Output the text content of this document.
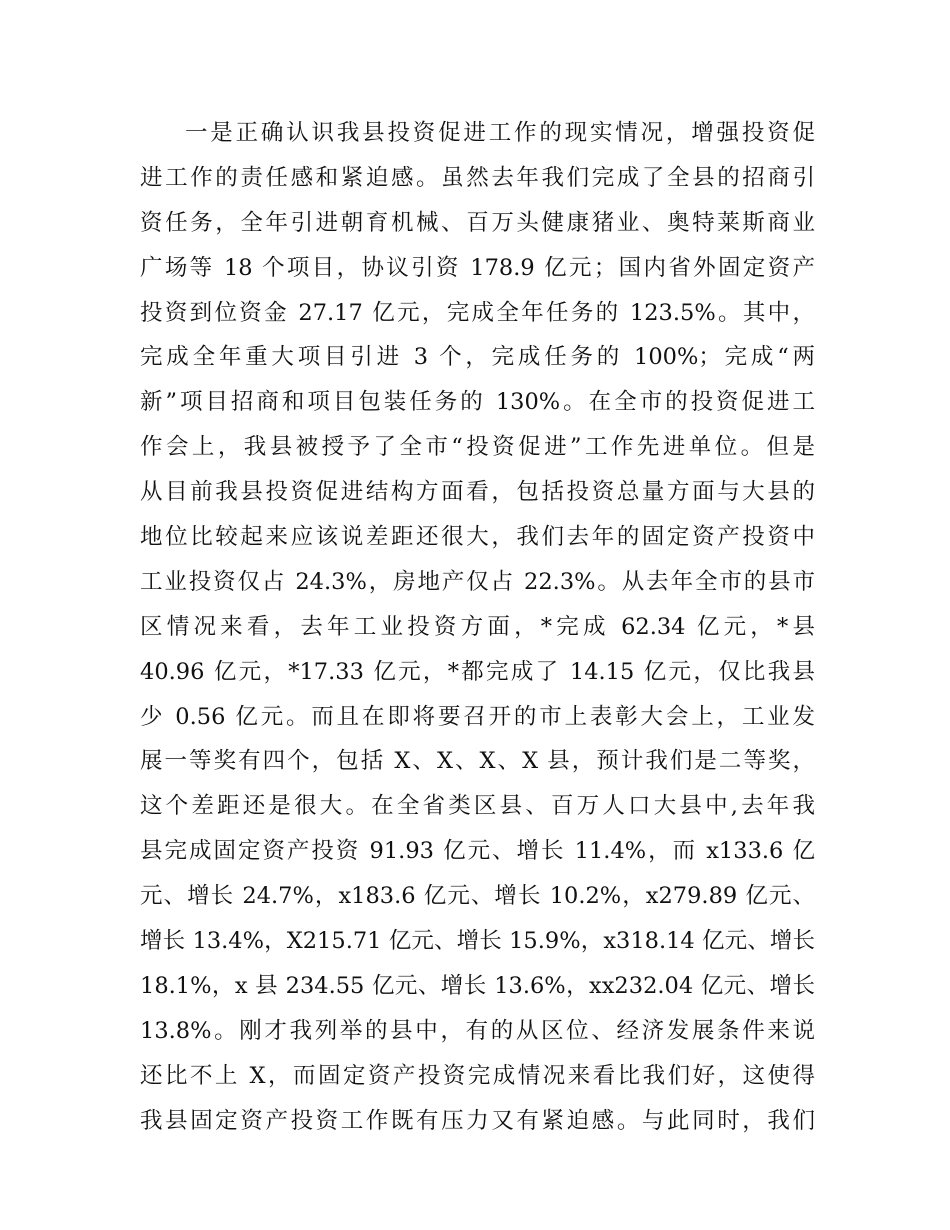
一是正确认识我县投资促进工作的现实情况，增强投资促
进工作的责任感和紧迫感。虽然去年我们完成了全县的招商引
资任务，全年引进朝育机械、百万头健康猪业、奥特莱斯商业
广场等 18 个项目，协议引资 178.9 亿元；国内省外固定资产
投资到位资金 27.17 亿元，完成全年任务的 123.5%。其中，
完成全年重大项目引进 3 个，完成任务的 100%；完成“两
新”项目招商和项目包装任务的 130%。在全市的投资促进工
作会上，我县被授予了全市“投资促进”工作先进单位。但是
从目前我县投资促进结构方面看，包括投资总量方面与大县的
地位比较起来应该说差距还很大，我们去年的固定资产投资中
工业投资仅占 24.3%，房地产仅占 22.3%。从去年全市的县市
区情况来看，去年工业投资方面，*完成 62.34 亿元，*县
40.96 亿元，*17.33 亿元，*都完成了 14.15 亿元，仅比我县
少 0.56 亿元。而且在即将要召开的市上表彰大会上，工业发
展一等奖有四个，包括 X、X、X、X 县，预计我们是二等奖，
这个差距还是很大。在全省类区县、百万人口大县中,去年我
县完成固定资产投资 91.93 亿元、增长 11.4%，而 x133.6 亿
元、增长 24.7%，x183.6 亿元、增长 10.2%，x279.89 亿元、
增长 13.4%，X215.71 亿元、增长 15.9%，x318.14 亿元、增长
18.1%，x 县 234.55 亿元、增长 13.6%，xx232.04 亿元、增长
13.8%。刚才我列举的县中，有的从区位、经济发展条件来说
还比不上 X，而固定资产投资完成情况来看比我们好，这使得
我县固定资产投资工作既有压力又有紧迫感。与此同时，我们
